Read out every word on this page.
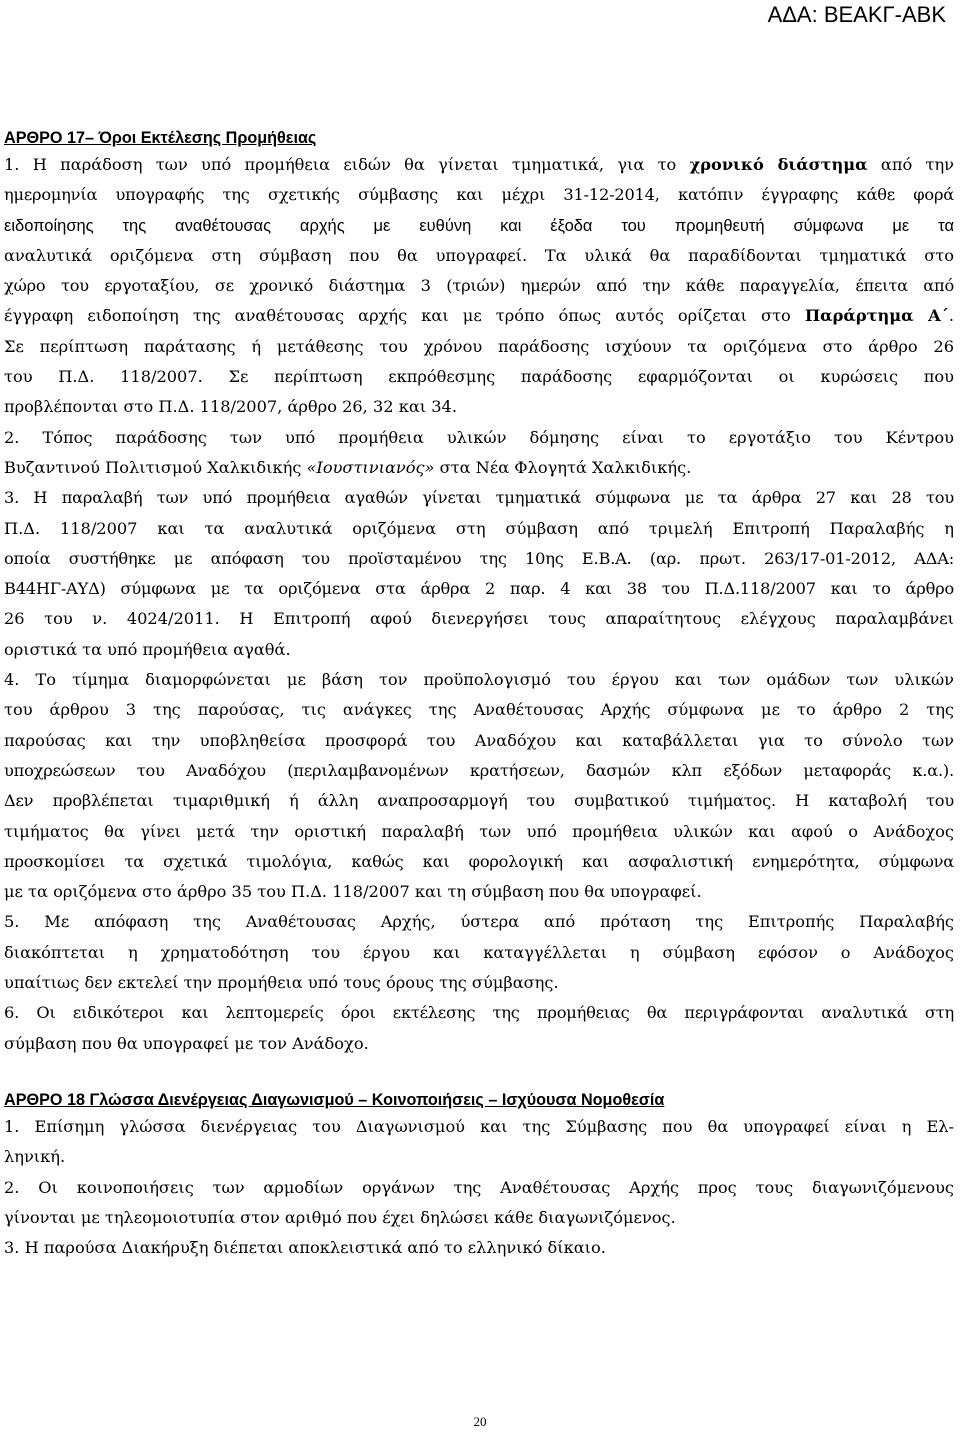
ΑΔΑ: ΒΕΑΚΓ-ΑΒΚ
ΑΡΘΡΟ 17– Όροι Εκτέλεσης Προμήθειας
1. Η παράδοση των υπό προμήθεια ειδών θα γίνεται τμηματικά, για το χρονικό διάστημα από την
ημερομηνία υπογραφής της σχετικής σύμβασης και μέχρι 31-12-2014, κατόπιν έγγραφης κάθε φορά
ειδοποίησης της αναθέτουσας αρχής με ευθύνη και έξοδα του προμηθευτή σύμφωνα με τα
αναλυτικά οριζόμενα στη σύμβαση που θα υπογραφεί. Τα υλικά θα παραδίδονται τμηματικά στο
χώρο του εργοταξίου, σε χρονικό διάστημα 3 (τριών) ημερών από την κάθε παραγγελία, έπειτα από
έγγραφη ειδοποίηση της αναθέτουσας αρχής και με τρόπο όπως αυτός ορίζεται στο Παράρτημα Α΄.
Σε περίπτωση παράτασης ή μετάθεσης του χρόνου παράδοσης ισχύουν τα οριζόμενα στο άρθρο 26
του Π.Δ. 118/2007. Σε περίπτωση εκπρόθεσμης παράδοσης εφαρμόζονται οι κυρώσεις που
προβλέπονται στο Π.Δ. 118/2007, άρθρο 26, 32 και 34.
2. Τόπος παράδοσης των υπό προμήθεια υλικών δόμησης είναι το εργοτάξιο του Κέντρου
Βυζαντινού Πολιτισμού Χαλκιδικής «Ιουστινιανός» στα Νέα Φλογητά Χαλκιδικής.
3. Η παραλαβή των υπό προμήθεια αγαθών γίνεται τμηματικά σύμφωνα με τα άρθρα 27 και 28 του
Π.Δ. 118/2007 και τα αναλυτικά οριζόμενα στη σύμβαση από τριμελή Επιτροπή Παραλαβής η
οποία συστήθηκε με απόφαση του προϊσταμένου της 10ης Ε.Β.Α. (αρ. πρωτ. 263/17-01-2012, ΑΔΑ:
Β44ΗΓ-ΑΥΔ) σύμφωνα με τα οριζόμενα στα άρθρα 2 παρ. 4 και 38 του Π.Δ.118/2007 και το άρθρο
26 του ν. 4024/2011. Η Επιτροπή αφού διενεργήσει τους απαραίτητους ελέγχους παραλαμβάνει
οριστικά τα υπό προμήθεια αγαθά.
4. Το τίμημα διαμορφώνεται με βάση τον προϋπολογισμό του έργου και των ομάδων των υλικών
του άρθρου 3 της παρούσας, τις ανάγκες της Αναθέτουσας Αρχής σύμφωνα με το άρθρο 2 της
παρούσας και την υποβληθείσα προσφορά του Αναδόχου και καταβάλλεται για το σύνολο των
υποχρεώσεων του Αναδόχου (περιλαμβανομένων κρατήσεων, δασμών κλπ εξόδων μεταφοράς κ.α.).
Δεν προβλέπεται τιμαριθμική ή άλλη αναπροσαρμογή του συμβατικού τιμήματος. Η καταβολή του
τιμήματος θα γίνει μετά την οριστική παραλαβή των υπό προμήθεια υλικών και αφού ο Ανάδοχος
προσκομίσει τα σχετικά τιμολόγια, καθώς και φορολογική και ασφαλιστική ενημερότητα, σύμφωνα
με τα οριζόμενα στο άρθρο 35 του Π.Δ. 118/2007 και τη σύμβαση που θα υπογραφεί.
5. Με απόφαση της Αναθέτουσας Αρχής, ύστερα από πρόταση της Επιτροπής Παραλαβής
διακόπτεται η χρηματοδότηση του έργου και καταγγέλλεται η σύμβαση εφόσον ο Ανάδοχος
υπαίτιως δεν εκτελεί την προμήθεια υπό τους όρους της σύμβασης.
6. Οι ειδικότεροι και λεπτομερείς όροι εκτέλεσης της προμήθειας θα περιγράφονται αναλυτικά στη
σύμβαση που θα υπογραφεί με τον Ανάδοχο.
ΑΡΘΡΟ 18 Γλώσσα Διενέργειας Διαγωνισμού – Κοινοποιήσεις – Ισχύουσα Νομοθεσία
1. Επίσημη γλώσσα διενέργειας του Διαγωνισμού και της Σύμβασης που θα υπογραφεί είναι η Ελ-
ληνική.
2. Οι κοινοποιήσεις των αρμοδίων οργάνων της Αναθέτουσας Αρχής προς τους διαγωνιζόμενους
γίνονται με τηλεομοιοτυπία στον αριθμό που έχει δηλώσει κάθε διαγωνιζόμενος.
3. Η παρούσα Διακήρυξη διέπεται αποκλειστικά από το ελληνικό δίκαιο.
20
